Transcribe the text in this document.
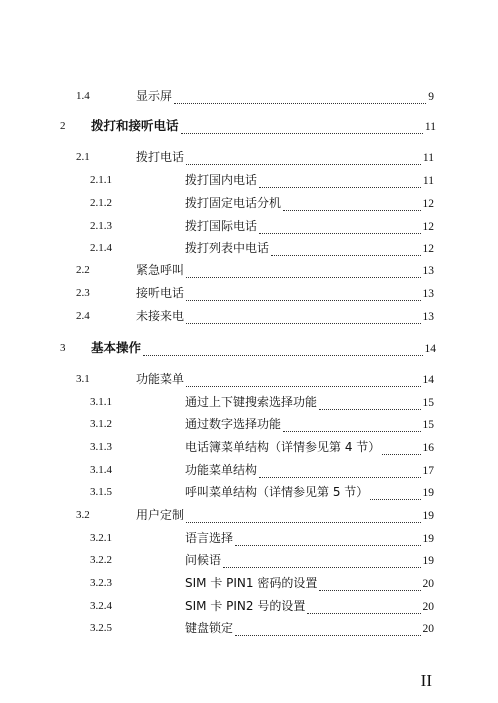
1.4	显示屏	9
2 拨打和接听电话	11
2.1	拨打电话	11
2.1.1	拨打国内电话	11
2.1.2	拨打固定电话分机	12
2.1.3	拨打国际电话	12
2.1.4	拨打列表中电话	12
2.2	紧急呼叫	13
2.3	接听电话	13
2.4	未接来电	13
3 基本操作	14
3.1	功能菜单	14
3.1.1	通过上下键搜索选择功能	15
3.1.2	通过数字选择功能	15
3.1.3	电话簿菜单结构（详情参见第 4 节）	16
3.1.4	功能菜单结构	17
3.1.5	呼叫菜单结构（详情参见第 5 节）	19
3.2	用户定制	19
3.2.1	语言选择	19
3.2.2	问候语	19
3.2.3	SIM 卡 PIN1 密码的设置	20
3.2.4	SIM 卡 PIN2 号的设置	20
3.2.5	键盘锁定	20
II
